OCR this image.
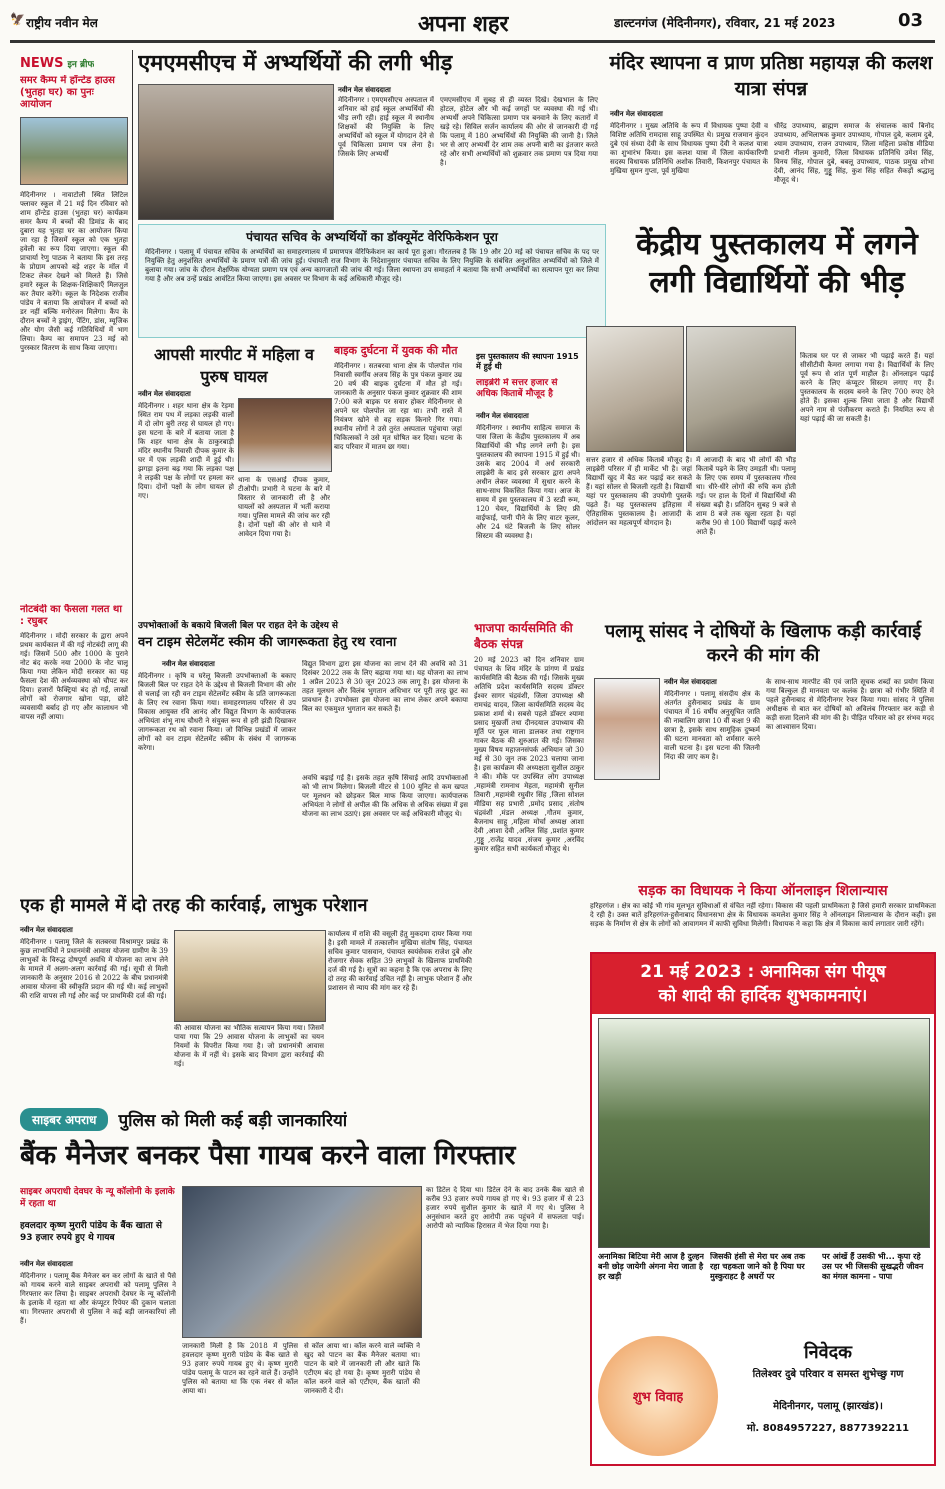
🦅 राष्ट्रीय नवीन मेल	अपना शहर	डाल्टनगंज (मेदिनीनगर), रविवार, 21 मई 2023	03
NEWS इन ब्रीफ
समर कैम्प में हॉन्टेड हाउस (भुतहा घर) का पुनः आयोजन
मेदिनीनगर । नावाटोली स्थित लिटिल फ्लावर स्कूल में 21 मई दिन रविवार को शाम हॉन्टेड हाउस (भुतहा घर) कार्यक्रम समर कैम्प में बच्चों की डिमांड के बाद दुबारा यह भुतहा घर का आयोजन किया जा रहा है जिसमें स्कूल को एक भुतहा हवेली का रूप दिया जाएगा। स्कूल की प्राचार्या रेणु पाठक ने बताया कि इस तरह के प्रोग्राम आपको बड़े शहर के मॉल में टिकट लेकर देखने को मिलते हैं। जिसे हमारे स्कूल के शिक्षक-शिक्षिकाएँ मिलजुल कर तैयार करेंगे। स्कूल के निदेशक राजीव पांडेय ने बताया कि आयोजन में बच्चों को डर नहीं बल्कि मनोरंजन मिलेगा। कैंप के दौरान बच्चों ने ड्राइंग, पेंटिंग, डांस, म्यूजिक और योग जैसी कई गतिविधियों में भाग लिया। कैम्प का समापन 23 मई को पुरस्कार वितरण के साथ किया जाएगा।
नोटबंदी का फैसला गलत था : रघुबर
मेदिनीनगर । मोदी सरकार के द्वारा अपने प्रथम कार्यकाल में की गई नोटबंदी लागू की गई। जिसमें 500 और 1000 के पुराने नोट बंद करके नया 2000 के नोट चालू किया गया लेकिन मोदी सरकार का यह फैसला देश की अर्थव्यवस्था को चौपट कर दिया। हजारों फैक्ट्रियां बंद हो गईं, लाखों लोगों को रोजगार खोना पड़ा, छोटे व्यवसायी बर्बाद हो गए और कालाधन भी वापस नहीं आया।
एमएमसीएच में अभ्यर्थियों की लगी भीड़
नवीन मेल संवाददाता
मेदिनीनगर । एमएमसीएच अस्पताल में शनिवार को हाई स्कूल अभ्यर्थियों की भीड़ लगी रही। हाई स्कूल में स्थानीय शिक्षकों की नियुक्ति के लिए अभ्यर्थियों को स्कूल में योगदान देने से पूर्व चिकित्सा प्रमाण पत्र लेना है। जिसके लिए अभ्यर्थी
एमएमसीएच में सुबह से ही व्यस्त दिखे। देखभाल के लिए होटल, होटेल और भी कई जगहों पर व्यवस्था की गई थी। अभ्यर्थी अपने चिकित्सा प्रमाण पत्र बनवाने के लिए कतारों में खड़े रहे। सिविल सर्जन कार्यालय की ओर से जानकारी दी गई कि पलामू में 180 अभ्यर्थियों की नियुक्ति की जानी है। जिले भर से आए अभ्यर्थी देर शाम तक अपनी बारी का इंतजार करते रहे और सभी अभ्यर्थियों को शुक्रवार तक प्रमाण पत्र दिया गया है।
मंदिर स्थापना व प्राण प्रतिष्ठा महायज्ञ की कलश यात्रा संपन्न
नवीन मेल संवाददाता
मेदिनीनगर । मुख्य अतिथि के रूप में विधायक पुष्पा देवी व विशिष्ट अतिथि रामदास साहू उपस्थित थे। प्रमुख राजमान कुंदन दुबे एवं संध्या देवी के साथ विधायक पुष्पा देवी ने कलश यात्रा का शुभारंभ किया। इस कलश यात्रा में जिला कार्यकारिणी सदस्य विधायक प्रतिनिधि अशोक तिवारी, किशनपुर पंचायत के मुखिया सुमन गुप्ता, पूर्व मुखिया
धीरेंद्र उपाध्याय, ब्राह्मण समाज के संचालक कार्य बिनोद उपाध्याय, अभिलाषक कुमार उपाध्याय, गोपाल दुबे, कलाम दुबे, श्याम उपाध्याय, राजन उपाध्याय, जिला महिला प्रकोष्ठ मीडिया प्रभारी नीलम कुमारी, जिला विधायक प्रतिनिधि उमेश सिंह, विनय सिंह, गोपाल दुबे, बबलू उपाध्याय, पाठक प्रमुख शोभा देवी, आनंद सिंह, गुड्डू सिंह, कुश सिंह सहित सैकड़ों श्रद्धालु मौजूद थे।
पंचायत सचिव के अभ्यर्थियों का डॉक्यूमेंट वेरिफिकेशन पूरा
मेदिनीनगर । पलामू में पंचायत सचिव के अभ्यर्थियों का समाहरणालय में प्रमाणपत्र वेरिफिकेशन का कार्य पूरा हुआ। गौरतलब है कि 19 और 20 मई को पंचायत सचिव के पद पर नियुक्ति हेतु अनुशंसित अभ्यर्थियों के प्रमाण पत्रों की जांच हुई। पंचायती राज विभाग के निदेशानुसार पंचायत सचिव के लिए नियुक्ति के संबंधित अनुशंसित अभ्यर्थियों को जिले में बुलाया गया। जांच के दौरान शैक्षणिक योग्यता प्रमाण पत्र एवं अन्य कागजातों की जांच की गई। जिला स्थापना उप समाहर्ता ने बताया कि सभी अभ्यर्थियों का सत्यापन पूरा कर लिया गया है और अब उन्हें प्रखंड आवंटित किया जाएगा। इस अवसर पर विभाग के कई अधिकारी मौजूद रहे।
केंद्रीय पुस्तकालय में लगने लगी विद्यार्थियों की भीड़
इस पुस्तकालय की स्थापना 1915 में हुई थी
लाइब्रेरी में सत्तर हजार से अधिक किताबें मौजूद है
नवीन मेल संवाददाता
मेदिनीनगर । स्थानीय साहित्य समाज के पास जिला के केंद्रीय पुस्तकालय में अब विद्यार्थियों की भीड़ लगने लगी है। इस पुस्तकालय की स्थापना 1915 में हुई थी। उसके बाद 2004 में अर्ध सरकारी लाइब्रेरी के बाद इसे सरकार द्वारा अपने अधीन लेकर व्यवस्था में सुधार करने के साथ-साथ विकसित किया गया। आज के समय में इस पुस्तकालय में 3 स्टडी रूम, 120 चेयर, विद्यार्थियों के लिए फ्री वाईफाई, पानी पीने के लिए वाटर कूलर, और 24 घंटे बिजली के लिए सोलर सिस्टम की व्यवस्था है।
सत्तर हजार से अधिक किताबें मौजूद है। लाइब्रेरी परिसर में ही मार्केट भी है। जहां विद्यार्थी खुद में बैठ कर पढ़ाई कर सकते हैं। यहां सोलर से बिजली रहती है। विद्यार्थी यहां पर पुस्तकालय की उपयोगी पुस्तकें पढ़ते हैं। यह पुस्तकालय इतिहास में ऐतिहासिक पुस्तकालय है। आजादी के आंदोलन का महत्वपूर्ण योगदान है।
में आजादी के बाद भी लोगों की भीड़ किताबें पढ़ने के लिए उमड़ती थी। पलामू के लिए एक समय में पुस्तकालय गौरव था। धीरे-धीरे लोगों की रुचि कम होती गई। पर हाल के दिनों में विद्यार्थियों की संख्या बढ़ी है। प्रतिदिन सुबह 9 बजे से शाम 8 बजे तक खुला रहता है। यहां करीब 90 से 100 विद्यार्थी पढ़ाई करने आते हैं।
किताब घर पर से जाकर भी पढ़ाई करते हैं। यहां सीसीटीवी कैमरा लगाया गया है। विद्यार्थियों के लिए पूर्व रूप से शांत पूर्ण माहौल है। ऑनलाइन पढ़ाई करने के लिए कंप्यूटर सिस्टम लगाए गए हैं। पुस्तकालय के सदस्य बनने के लिए 700 रुपए देने होते हैं। इसका शुल्क लिया जाता है और विद्यार्थी अपने नाम से पंजीकरण कराते हैं। नियमित रूप से यहां पढ़ाई की जा सकती है।
आपसी मारपीट में महिला व पुरुष घायल
नवीन मेल संवाददाता
मेदिनीनगर । शहर थाना क्षेत्र के रेड़मा स्थित राम पथ में लड़का लड़की वालों में दो लोग बुरी तरह से घायल हो गए। इस घटना के बारे में बताया जाता है कि शहर थाना क्षेत्र के ठाकुरबाड़ी मंदिर स्थानीय निवासी दीपक कुमार के घर में एक लड़की शादी में हुई थी। झगड़ा इतना बढ़ गया कि लड़का पक्ष ने लड़की पक्ष के लोगों पर हमला कर दिया। दोनों पक्षों के लोग घायल हो गए।
थाना के एसआई दीपक कुमार, टीओपी। प्रभारी ने घटना के बारे में विस्तार से जानकारी ली है और घायलों को अस्पताल में भर्ती कराया गया। पुलिस मामले की जांच कर रही है। दोनों पक्षों की ओर से थाने में आवेदन दिया गया है।
बाइक दुर्घटना में युवक की मौत
मेदिनीनगर । सतबरवा थाना क्षेत्र के पोलपोल गांव निवासी स्वर्गीय अजय सिंह के पुत्र पंकज कुमार उम्र 20 वर्ष की बाइक दुर्घटना में मौत हो गई। जानकारी के अनुसार पंकज कुमार शुक्रवार की शाम 7:00 बजे बाइक पर सवार होकर मेदिनीनगर से अपने घर पोलपोल जा रहा था। तभी रास्ते में नियंत्रण खोने से वह सड़क किनारे गिर गया। स्थानीय लोगों ने उसे तुरंत अस्पताल पहुंचाया जहां चिकित्सकों ने उसे मृत घोषित कर दिया। घटना के बाद परिवार में मातम छा गया।
उपभोक्ताओं के बकाये बिजली बिल पर राहत देने के उद्देश्य से
वन टाइम सेटेलमेंट स्कीम की जागरूकता हेतु रथ रवाना
नवीन मेल संवाददाता
मेदिनीनगर । कृषि व घरेलू बिजली उपभोक्ताओं के बकाए बिजली बिल पर राहत देने के उद्देश्य से बिजली विभाग की ओर से चलाई जा रही वन टाइम सेटेलमेंट स्कीम के प्रति जागरूकता के लिए रथ रवाना किया गया। समाहरणालय परिसर से उप विकास आयुक्त रवि आनंद और विद्युत विभाग के कार्यपालक अभियंता शंभू नाथ चौधरी ने संयुक्त रूप से हरी झंडी दिखाकर जागरूकता रथ को रवाना किया। जो विभिन्न प्रखंडों में जाकर लोगों को वन टाइम सेटेलमेंट स्कीम के संबंध में जागरूक करेगा।
विद्युत विभाग द्वारा इस योजना का लाभ देने की अवधि को 31 दिसंबर 2022 तक के लिए बढ़ाया गया था। यह योजना का लाभ 1 अप्रैल 2023 से 30 जून 2023 तक लागू है। इस योजना के तहत मूलधन और विलंब भुगतान अधिभार पर पूरी तरह छूट का प्रावधान है। उपभोक्ता इस योजना का लाभ लेकर अपने बकाया बिल का एकमुश्त भुगतान कर सकते हैं।
अवधि बढ़ाई गई है। इसके तहत कृषि सिंचाई आदि उपभोक्ताओं को भी लाभ मिलेगा। बिजली मीटर से 100 यूनिट से कम खपत पर मूलधन को छोड़कर बिल माफ किया जाएगा। कार्यपालक अभियंता ने लोगों से अपील की कि अधिक से अधिक संख्या में इस योजना का लाभ उठाएं। इस अवसर पर कई अधिकारी मौजूद थे।
भाजपा कार्यसमिति की बैठक संपन्न
20 मई 2023 को दिन शनिवार ग्राम पंचायत के शिव मंदिर के प्रांगण में प्रखंड कार्यसमिति की बैठक की गई। जिसके मुख्य अतिथि प्रदेश कार्यसमिति सदस्य डॉक्टर ईश्वर सागर चंद्रवंशी, जिला उपाध्यक्ष श्री रामचंद्र यादव, जिला कार्यसमिति सदस्य वेद प्रकाश शर्मा थे। सबसे पहले डॉक्टर श्यामा प्रसाद मुखर्जी तथा दीनदयाल उपाध्याय की मूर्ति पर फूल माला डालकर तथा राष्ट्रगान गाकर बैठक की शुरुआत की गई। जिसका मुख्य विषय महाजनसंपर्क अभियान जो 30 मई से 30 जून तक 2023 चलाया जाना है। इस कार्यक्रम की अध्यक्षता सुशील ठाकुर ने की। मौके पर उपस्थित लोग उपाध्यक्ष ,महामंत्री रामनाथ मेहता, महामंत्री सुनील तिवारी ,महामंत्री रघुवीर सिंह ,जिला सोशल मीडिया सह प्रभारी ,प्रमोद प्रसाद ,संतोष चंद्रवंशी ,मंडल अध्यक्ष ,गौतम कुमार, बैजनाथ साहू ,महिला मोर्चा अध्यक्ष आशा देवी ,आशा देवी ,अनिल सिंह ,प्रशांत कुमार ,गुड्डू ,राजेंद्र यादव ,संजय कुमार ,अरविंद कुमार सहित सभी कार्यकर्ता मौजूद थे।
पलामू सांसद ने दोषियों के खिलाफ कड़ी कार्रवाई करने की मांग की
नवीन मेल संवाददाता
मेदिनीनगर । पलामू संसदीय क्षेत्र के अंतर्गत हुसैनाबाद प्रखंड के ग्राम पंचायत में 16 वर्षीय अनुसूचित जाति की नाबालिग छात्रा 10 वीं कक्षा 9 की छात्रा है, इसके साथ सामूहिक दुष्कर्म की घटना मानवता को शर्मसार करने वाली घटना है। इस घटना की जितनी निंदा की जाए कम है।
के साथ-साथ मारपीट की एवं जाति सूचक शब्दों का प्रयोग किया गया बिल्कुल ही मानवता पर कलंक है। छात्रा को गंभीर स्थिति में पहले हुसैनाबाद से मेदिनीनगर रेफर किया गया। सांसद ने पुलिस अधीक्षक से बात कर दोषियों को अविलंब गिरफ्तार कर कड़ी से कड़ी सजा दिलाने की मांग की है। पीड़ित परिवार को हर संभव मदद का आश्वासन दिया।
सड़क का विधायक ने किया ऑनलाइन शिलान्यास
हरिहरगंज । क्षेत्र का कोई भी गांव मूलभूत सुविधाओं से वंचित नहीं रहेगा। विकास की पहली प्राथमिकता है जिसे हमारी सरकार प्राथमिकता दे रही है। उक्त बातें हरिहरगंज-हुसैनाबाद विधानसभा क्षेत्र के विधायक कमलेश कुमार सिंह ने ऑनलाइन शिलान्यास के दौरान कही। इस सड़क के निर्माण से क्षेत्र के लोगों को आवागमन में काफी सुविधा मिलेगी। विधायक ने कहा कि क्षेत्र में विकास कार्य लगातार जारी रहेंगे।
एक ही मामले में दो तरह की कार्रवाई, लाभुक परेशान
नवीन मेल संवाददाता
मेदिनीनगर । पलामू जिले के सतबरवा विश्रामपुर प्रखंड के कुछ लाभार्थियों ने प्रधानमंत्री आवास योजना ग्रामीण के 39 लाभुकों के विरुद्ध दोषपूर्ण अवधि में योजना का लाभ लेने के मामले में अलग-अलग कार्रवाई की गई। सूची से मिली जानकारी के अनुसार 2016 से 2022 के बीच प्रधानमंत्री आवास योजना की स्वीकृति प्रदान की गई थी। कई लाभुकों की राशि वापस ली गई और कई पर प्राथमिकी दर्ज की गई।
की आवास योजना का भौतिक सत्यापन किया गया। जिसमें पाया गया कि 29 आवास योजना के लाभुकों का चयन नियमों के विपरीत किया गया है। जो प्रधानमंत्री आवास योजना के में नहीं थे। इसके बाद विभाग द्वारा कार्रवाई की गई।
कार्यालय में राशि की वसूली हेतु मुकदमा दायर किया गया है। इसी मामले में तत्कालीन मुखिया संतोष सिंह, पंचायत सचिव कुमार पासवान, पंचायत स्वयंसेवक राजेश दुबे और रोजगार सेवक सहित 39 लाभुकों के खिलाफ प्राथमिकी दर्ज की गई है। सूत्रों का कहना है कि एक अपराध के लिए दो तरह की कार्रवाई उचित नहीं है। लाभुक परेशान हैं और प्रशासन से न्याय की मांग कर रहे हैं।
साइबर अपराध	पुलिस को मिली कई बड़ी जानकारियां
बैंक मैनेजर बनकर पैसा गायब करने वाला गिरफ्तार
साइबर अपराधी देवघर के न्यू कॉलोनी के इलाके में रहता था
हवलदार कृष्ण मुरारी पांडेय के बैंक खाता से 93 हजार रुपये हुए थे गायब
नवीन मेल संवाददाता
मेदिनीनगर । पलामू बैंक मैनेजर बन कर लोगों के खाते से पैसे को गायब करने वाले साइबर अपराधी को पलामू पुलिस ने गिरफ्तार कर लिया है। साइबर अपराधी देवघर के न्यू कॉलोनी के इलाके में रहता था और कंप्यूटर रिपेयर की दुकान चलाता था। गिरफ्तार अपराधी से पुलिस ने कई बड़ी जानकारियां ली हैं।
जानकारी मिली है कि 2018 में पुलिस हवलदार कृष्ण मुरारी पांडेय के बैंक खाते से 93 हजार रुपये गायब हुए थे। कृष्ण मुरारी पांडेय पलामू के पाटन का रहने वाले हैं। उन्होंने पुलिस को बताया था कि एक नंबर से कॉल आया था।
से कॉल आया था। कॉल करने वाले व्यक्ति ने खुद को पाटन का बैंक मैनेजर बताया था। पाटन के बारे में जानकारी ली और खाते कि एटीएम बंद हो गया है। कृष्ण मुरारी पांडेय से कॉल करने वाले को एटीएम, बैंक खातों की जानकारी दे दी।
का डिटेल दे दिया था। डिटेल देने के बाद उनके बैंक खाते से करीब 93 हजार रुपये गायब हो गए थे। 93 हजार में से 23 हजार रुपये सुशील कुमार के खाते में गए थे। पुलिस ने अनुसंधान करते हुए आरोपी तक पहुंचने में सफलता पाई। आरोपी को न्यायिक हिरासत में भेज दिया गया है।
21 मई 2023 : अनामिका संग पीयूष
को शादी की हार्दिक शुभकामनाएं।
अनामिका बिटिया मेरी आज है दुल्हन बनी छोड़ जायेगी अंगना मेरा जाता है हर खड़ी
जिसकी हंसी से मेरा घर अब तक रहा चहकता जाने को है पिया घर मुस्कुराहट है अधरों पर
पर आंखें हैं उसकी भी... कृपा रहे उस पर भी जिसकी सुखद्भरी जीवन का मंगल कामना - पापा
शुभ विवाह
निवेदक
तिलेश्वर दुबे परिवार व समस्त शुभेच्छु गण
मेदिनीनगर, पलामू (झारखंड)।
मो. 8084957227, 8877392211
